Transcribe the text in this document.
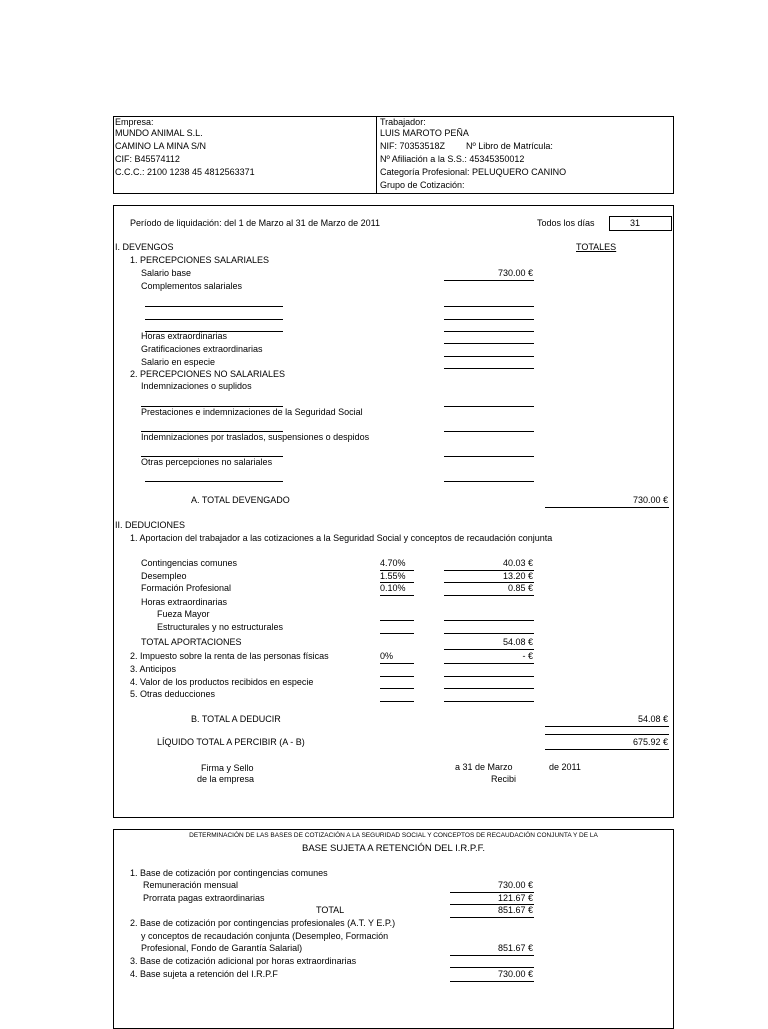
Empresa:
MUNDO ANIMAL S.L.
CAMINO LA MINA S/N
CIF: B45574112
C.C.C.: 2100 1238 45 4812563371
Trabajador:
LUIS MAROTO PEÑA
NIF: 70353518Z Nº Libro de Matrícula:
Nº Afiliación a la S.S.: 45345350012
Categoría Profesional: PELUQUERO CANINO
Grupo de Cotización:
Período de liquidación: del 1 de Marzo al 31 de Marzo de 2011	Todos los días	31
I. DEVENGOS	TOTALES
1. PERCEPCIONES SALARIALES
Salario base	730.00 €
Complementos salariales
Horas extraordinarias
Gratificaciones extraordinarias
Salario en especie
2. PERCEPCIONES NO SALARIALES
Indemnizaciones o suplidos
Prestaciones e indemnizaciones de la Seguridad Social
Indemnizaciones por traslados, suspensiones o despidos
Otras percepciones no salariales
A. TOTAL DEVENGADO	730.00 €
II. DEDUCIONES
1. Aportacion del trabajador a las cotizaciones a la Seguridad Social y conceptos de recaudación conjunta
Contingencias comunes	4.70%	40.03 €
Desempleo	1.55%	13.20 €
Formación Profesional	0.10%	0.85 €
Horas extraordinarias
Fueza Mayor
Estructurales y no estructurales
TOTAL APORTACIONES	54.08 €
2. Impuesto sobre la renta de las personas físicas	0%	- €
3. Anticipos
4. Valor de los productos recibidos en especie
5. Otras deducciones
B. TOTAL A DEDUCIR	54.08 €
LÍQUIDO TOTAL A PERCIBIR (A - B)	675.92 €
Firma y Sello
de la empresa
a 31 de Marzo	de 2011
Recibi
DETERMINACIÓN DE LAS BASES DE COTIZACIÓN A LA SEGURIDAD SOCIAL Y CONCEPTOS DE RECAUDACIÓN CONJUNTA Y DE LA
BASE SUJETA A RETENCIÓN DEL I.R.P.F.
1. Base de cotización por contingencias comunes
Remuneración mensual	730.00 €
Prorrata pagas extraordinarias	121.67 €
TOTAL	851.67 €
2. Base de cotización por contingencias profesionales (A.T. Y E.P.)
y conceptos de recaudación conjunta (Desempleo, Formación
Profesional, Fondo de Garantía Salarial)	851.67 €
3. Base de cotización adicional por horas extraordinarias
4. Base sujeta a retención del I.R.P.F	730.00 €
